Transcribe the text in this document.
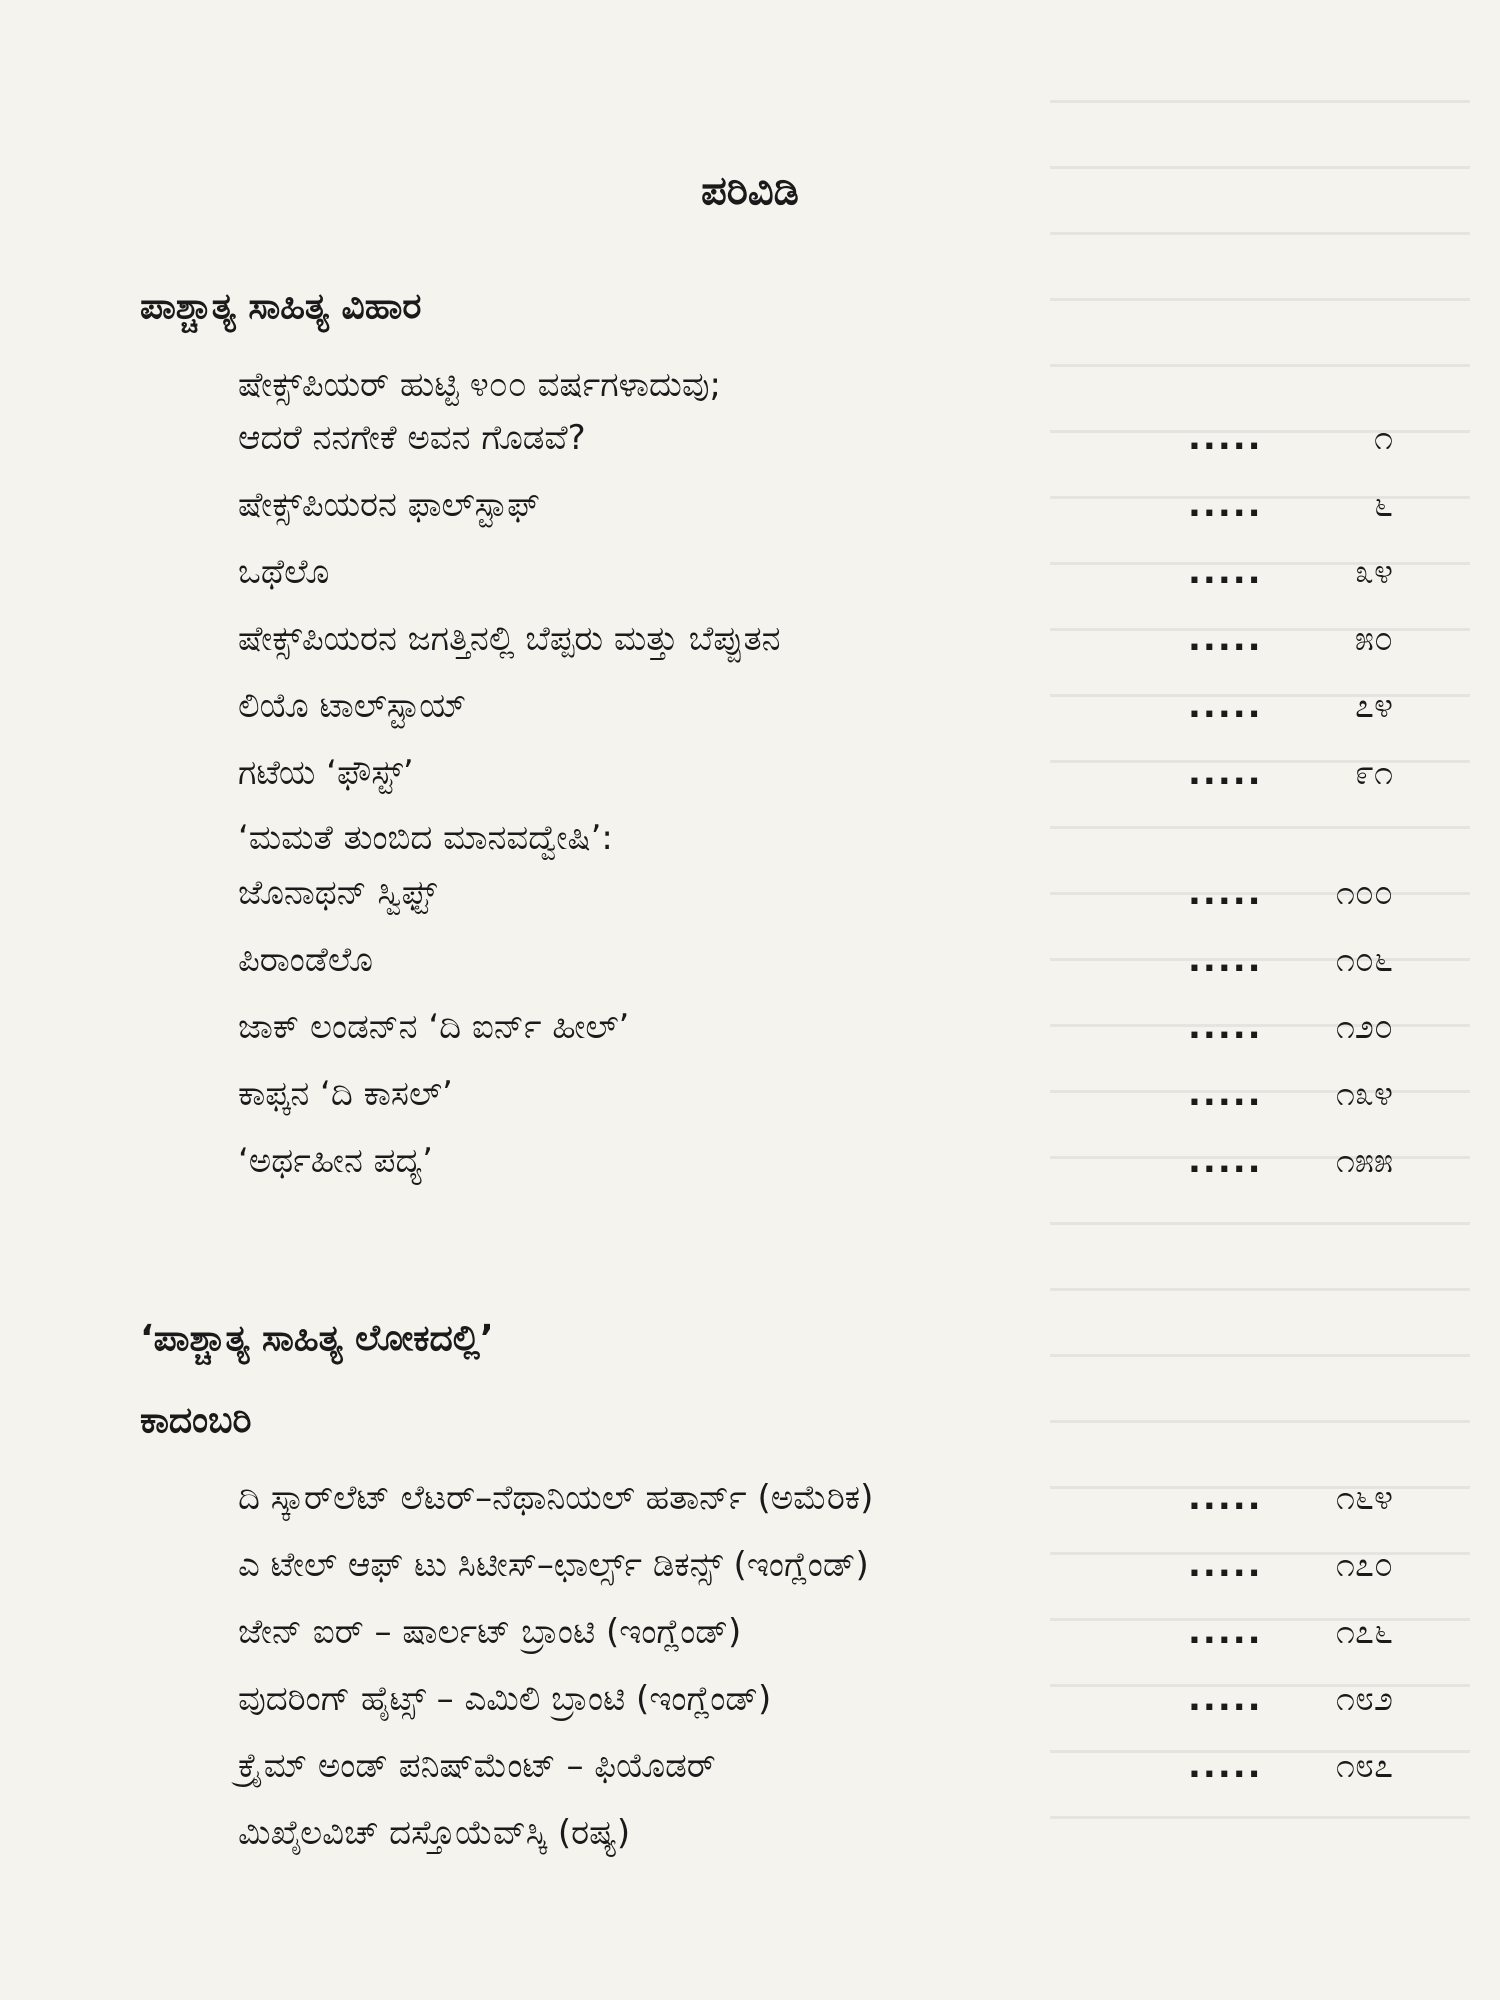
ಪರಿವಿಡಿ
ಪಾಶ್ಚಾತ್ಯ ಸಾಹಿತ್ಯ ವಿಹಾರ
ಷೇಕ್ಸ್‌ಪಿಯರ್ ಹುಟ್ಟಿ ೪೦೦ ವರ್ಷಗಳಾದುವು;
ಆದರೆ ನನಗೇಕೆ ಅವನ ಗೊಡವೆ?	.....	೧
ಷೇಕ್ಸ್‌ಪಿಯರನ ಫಾಲ್‌ಸ್ಟಾಫ್	.....	೬
ಒಥೆಲೊ	.....	೩೪
ಷೇಕ್ಸ್‌ಪಿಯರನ ಜಗತ್ತಿನಲ್ಲಿ ಬೆಪ್ಪರು ಮತ್ತು ಬೆಪ್ಪುತನ	.....	೫೦
ಲಿಯೊ ಟಾಲ್‌ಸ್ಟಾಯ್	.....	೭೪
ಗಟೆಯ ‘ಫೌಸ್ಟ್’	.....	೯೧
‘ಮಮತೆ ತುಂಬಿದ ಮಾನವದ್ವೇಷಿ’:
ಜೊನಾಥನ್ ಸ್ವಿಫ್ಟ್	.....	೧೦೦
ಪಿರಾಂಡೆಲೊ	.....	೧೦೬
ಜಾಕ್ ಲಂಡನ್‌ನ ‘ದಿ ಐರ್ನ್ ಹೀಲ್’	.....	೧೨೦
ಕಾಫ್ಕನ ‘ದಿ ಕಾಸಲ್’	.....	೧೩೪
‘ಅರ್ಥಹೀನ ಪದ್ಯ’	.....	೧೫೫
‘ಪಾಶ್ಚಾತ್ಯ ಸಾಹಿತ್ಯ ಲೋಕದಲ್ಲಿ’
ಕಾದಂಬರಿ
ದಿ ಸ್ಕಾರ್‌ಲೆಟ್ ಲೆಟರ್–ನೆಥಾನಿಯಲ್ ಹತಾರ್ನ್ (ಅಮೆರಿಕ)	.....	೧೬೪
ಎ ಟೇಲ್ ಆಫ್ ಟು ಸಿಟೀಸ್–ಛಾರ್ಲ್ಸ್ ಡಿಕನ್ಸ್ (ಇಂಗ್ಲೆಂಡ್)	.....	೧೭೦
ಜೇನ್ ಐರ್ – ಷಾರ್ಲಟ್ ಬ್ರಾಂಟಿ (ಇಂಗ್ಲೆಂಡ್)	.....	೧೭೬
ವುದರಿಂಗ್ ಹೈಟ್ಸ್ – ಎಮಿಲಿ ಬ್ರಾಂಟಿ (ಇಂಗ್ಲೆಂಡ್)	.....	೧೮೨
ಕ್ರೈಮ್ ಅಂಡ್ ಪನಿಷ್‌ಮೆಂಟ್ – ಫಿಯೊಡರ್	.....	೧೮೭
ಮಿಖೈಲವಿಚ್ ದಸ್ತೊಯೆವ್‌ಸ್ಕಿ (ರಷ್ಯ)
